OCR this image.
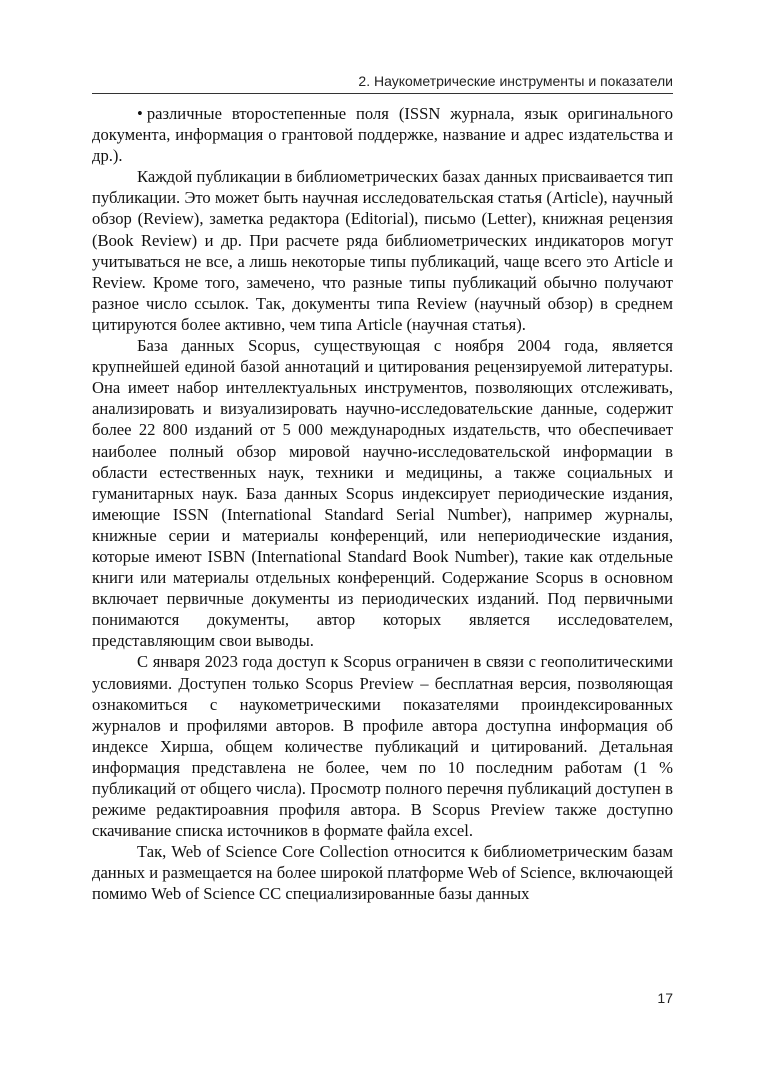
2. Наукометрические инструменты и показатели

• различные второстепенные поля (ISSN журнала, язык оригинального документа, информация о грантовой поддержке, название и адрес издательства и др.).

Каждой публикации в библиометрических базах данных присваивается тип публикации. Это может быть научная исследовательская статья (Article), научный обзор (Review), заметка редактора (Editorial), письмо (Letter), книжная рецензия (Book Review) и др. При расчете ряда библиометрических индикаторов могут учитываться не все, а лишь некоторые типы публикаций, чаще всего это Article и Review. Кроме того, замечено, что разные типы публикаций обычно получают разное число ссылок. Так, документы типа Review (научный обзор) в среднем цитируются более активно, чем типа Article (научная статья).

База данных Scopus, существующая с ноября 2004 года, является крупнейшей единой базой аннотаций и цитирования рецензируемой литературы. Она имеет набор интеллектуальных инструментов, позволяющих отслеживать, анализировать и визуализировать научно-исследовательские данные, содержит более 22 800 изданий от 5 000 международных издательств, что обеспечивает наиболее полный обзор мировой научно-исследовательской информации в области естественных наук, техники и медицины, а также социальных и гуманитарных наук. База данных Scopus индексирует периодические издания, имеющие ISSN (International Standard Serial Number), например журналы, книжные серии и материалы конференций, или непериодические издания, которые имеют ISBN (International Standard Book Number), такие как отдельные книги или материалы отдельных конференций. Содержание Scopus в основном включает первичные документы из периодических изданий. Под первичными понимаются документы, автор которых является исследователем, представляющим свои выводы.

С января 2023 года доступ к Scopus ограничен в связи с геополитическими условиями. Доступен только Scopus Preview – бесплатная версия, позволяющая ознакомиться с наукометрическими показателями проиндексированных журналов и профилями авторов. В профиле автора доступна информация об индексе Хирша, общем количестве публикаций и цитирований. Детальная информация представлена не более, чем по 10 последним работам (1 % публикаций от общего числа). Просмотр полного перечня публикаций доступен в режиме редактироавния профиля автора. В Scopus Preview также доступно скачивание списка источников в формате файла excel.

Так, Web of Science Core Collection относится к библиометрическим базам данных и размещается на более широкой платформе Web of Science, включающей помимо Web of Science CC специализированные базы данных

17
